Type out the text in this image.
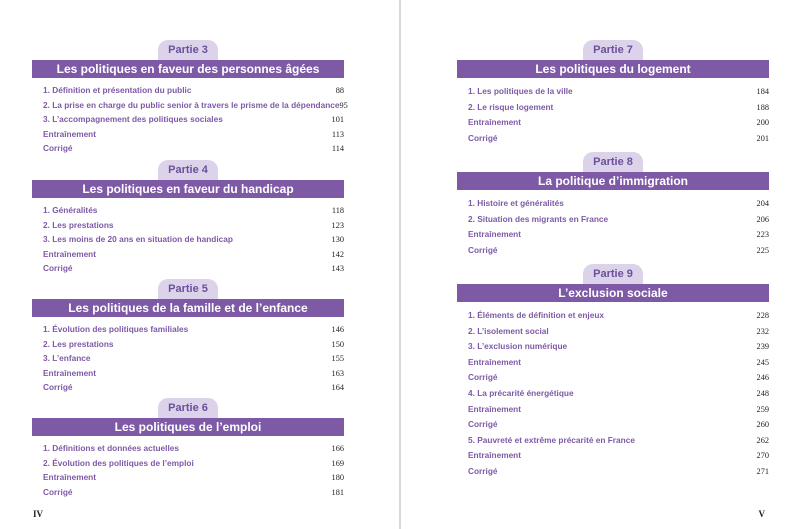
Partie 3
Les politiques en faveur des personnes âgées
1. Définition et présentation du public	88
2. La prise en charge du public senior à travers le prisme de la dépendance 95
3. L’accompagnement des politiques sociales	101
Entraînement	113
Corrigé	114
Partie 4
Les politiques en faveur du handicap
1. Généralités	118
2. Les prestations	123
3. Les moins de 20 ans en situation de handicap	130
Entraînement	142
Corrigé	143
Partie 5
Les politiques de la famille et de l’enfance
1. Évolution des politiques familiales	146
2. Les prestations	150
3. L’enfance	155
Entraînement	163
Corrigé	164
Partie 6
Les politiques de l’emploi
1. Définitions et données actuelles	166
2. Évolution des politiques de l’emploi	169
Entraînement	180
Corrigé	181
IV
Partie 7
Les politiques du logement
1. Les politiques de la ville	184
2. Le risque logement	188
Entraînement	200
Corrigé	201
Partie 8
La politique d’immigration
1. Histoire et généralités	204
2. Situation des migrants en France	206
Entraînement	223
Corrigé	225
Partie 9
L’exclusion sociale
1. Éléments de définition et enjeux	228
2. L’isolement social	232
3. L’exclusion numérique	239
Entraînement	245
Corrigé	246
4. La précarité énergétique	248
Entraînement	259
Corrigé	260
5. Pauvreté et extrême précarité en France	262
Entraînement	270
Corrigé	271
V
